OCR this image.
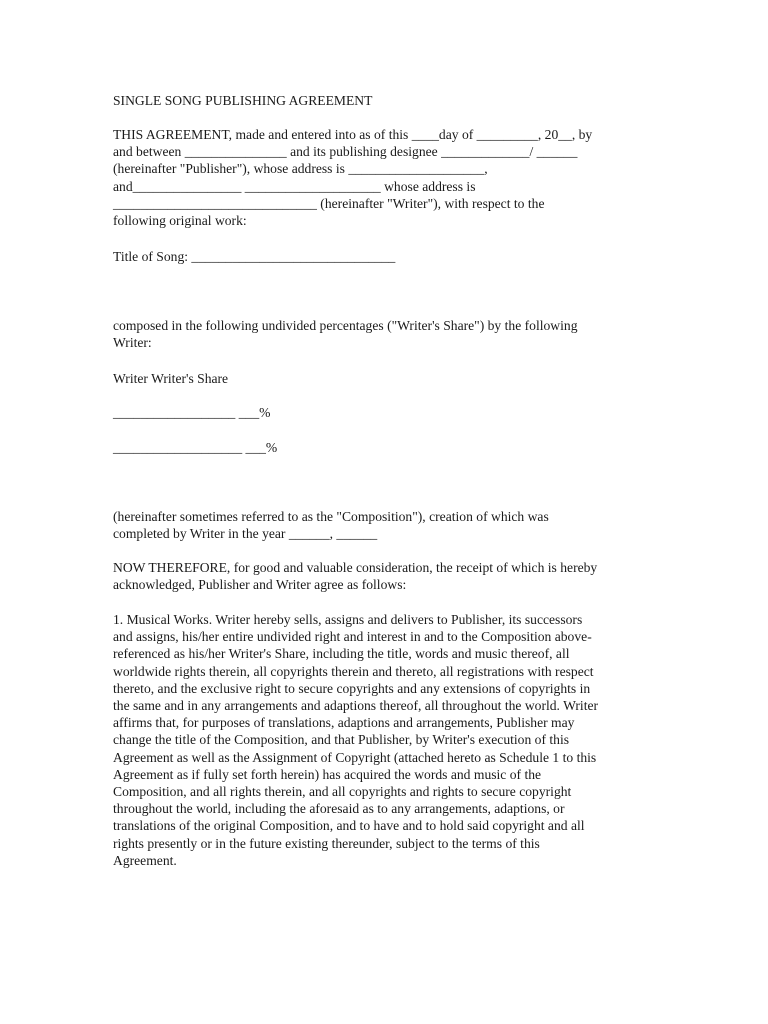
SINGLE SONG PUBLISHING AGREEMENT
THIS AGREEMENT, made and entered into as of this ____day of _________, 20__, by
and between _______________ and its publishing designee _____________/ ______
(hereinafter "Publisher"), whose address is ____________________,
and________________ ____________________ whose address is
______________________________ (hereinafter "Writer"), with respect to the
following original work:
Title of Song: ______________________________
composed in the following undivided percentages ("Writer's Share") by the following
Writer:
Writer Writer's Share
__________________ ___%
___________________ ___%
(hereinafter sometimes referred to as the "Composition"), creation of which was
completed by Writer in the year ______, ______
NOW THEREFORE, for good and valuable consideration, the receipt of which is hereby
acknowledged, Publisher and Writer agree as follows:
1. Musical Works. Writer hereby sells, assigns and delivers to Publisher, its successors
and assigns, his/her entire undivided right and interest in and to the Composition above-
referenced as his/her Writer's Share, including the title, words and music thereof, all
worldwide rights therein, all copyrights therein and thereto, all registrations with respect
thereto, and the exclusive right to secure copyrights and any extensions of copyrights in
the same and in any arrangements and adaptions thereof, all throughout the world. Writer
affirms that, for purposes of translations, adaptions and arrangements, Publisher may
change the title of the Composition, and that Publisher, by Writer's execution of this
Agreement as well as the Assignment of Copyright (attached hereto as Schedule 1 to this
Agreement as if fully set forth herein) has acquired the words and music of the
Composition, and all rights therein, and all copyrights and rights to secure copyright
throughout the world, including the aforesaid as to any arrangements, adaptions, or
translations of the original Composition, and to have and to hold said copyright and all
rights presently or in the future existing thereunder, subject to the terms of this
Agreement.
